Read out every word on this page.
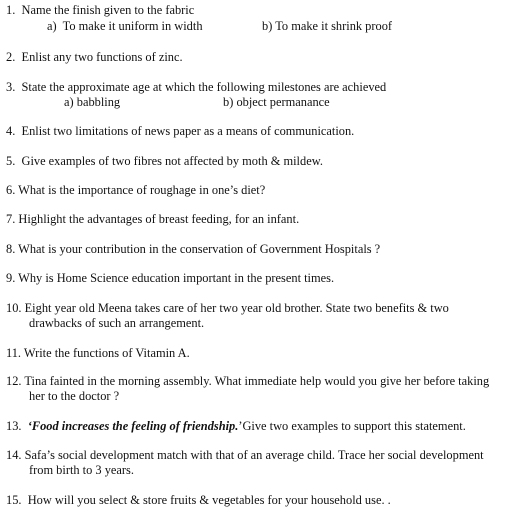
1. Name the finish given to the fabric
a) To make it uniform in width	b) To make it shrink proof
2. Enlist any two functions of zinc.
3. State the approximate age at which the following milestones are achieved
a) babbling	b) object permanance
4. Enlist two limitations of news paper as a means of communication.
5. Give examples of two fibres not affected by moth & mildew.
6. What is the importance of roughage in one’s diet?
7. Highlight the advantages of breast feeding, for an infant.
8. What is your contribution in the conservation of Government Hospitals ?
9. Why is Home Science education important in the present times.
10. Eight year old Meena takes care of her two year old brother. State two benefits & two
drawbacks of such an arrangement.
11. Write the functions of Vitamin A.
12. Tina fainted in the morning assembly. What immediate help would you give her before taking
her to the doctor ?
13. ‘Food increases the feeling of friendship.’Give two examples to support this statement.
14. Safa’s social development match with that of an average child. Trace her social development
from birth to 3 years.
15. How will you select & store fruits & vegetables for your household use. .
